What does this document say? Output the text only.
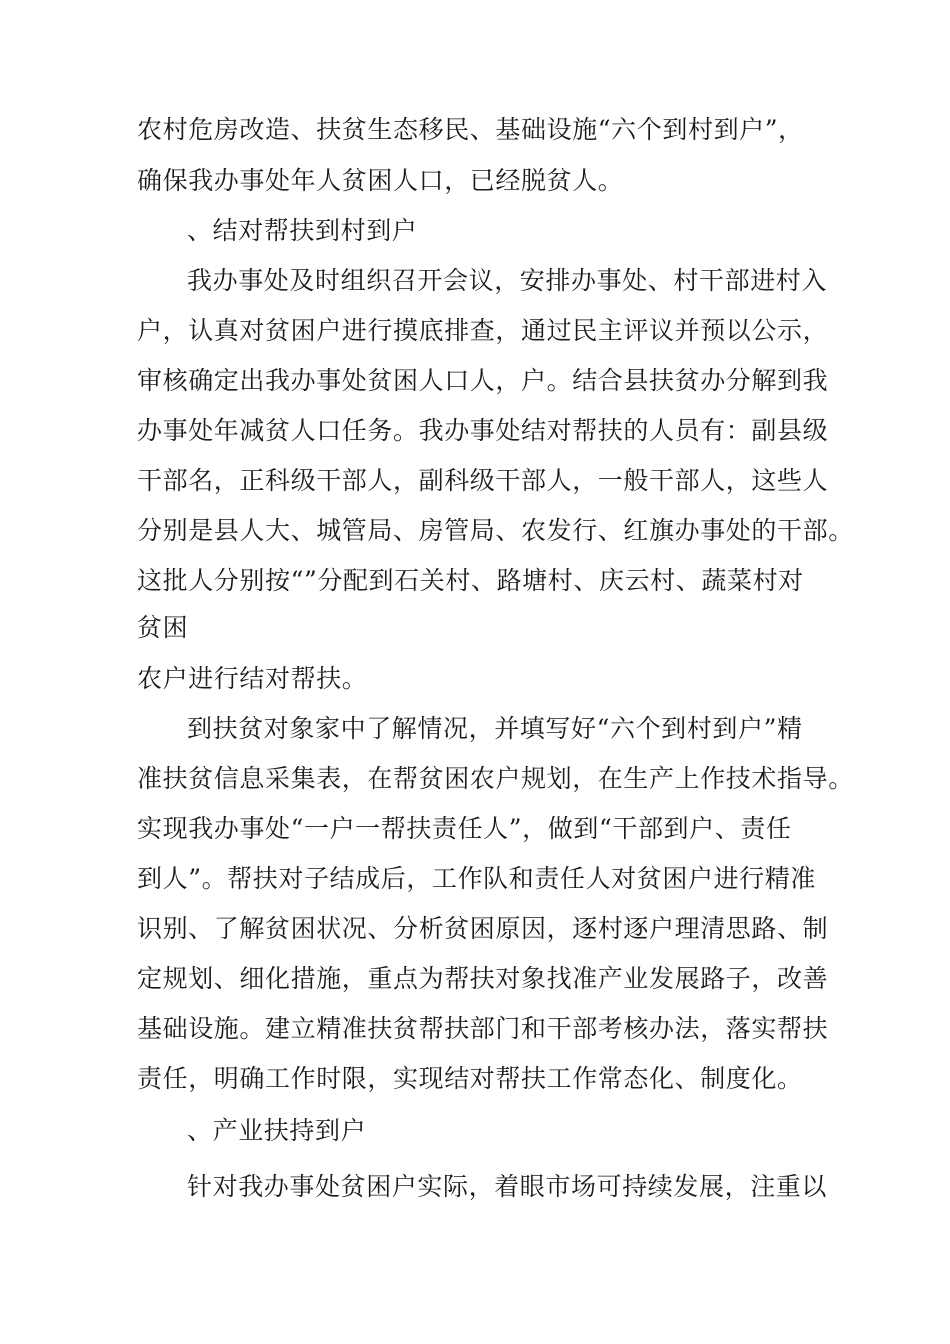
农村危房改造、扶贫生态移民、基础设施“六个到村到户”，

确保我办事处年人贫困人口，已经脱贫人。

、结对帮扶到村到户

我办事处及时组织召开会议，安排办事处、村干部进村入

户，认真对贫困户进行摸底排查，通过民主评议并预以公示，

审核确定出我办事处贫困人口人，户。结合县扶贫办分解到我

办事处年减贫人口任务。我办事处结对帮扶的人员有：副县级

干部名，正科级干部人，副科级干部人，一般干部人，这些人

分别是县人大、城管局、房管局、农发行、红旗办事处的干部。

这批人分别按“”分配到石关村、路塘村、庆云村、蔬菜村对

贫困

农户进行结对帮扶。

到扶贫对象家中了解情况，并填写好“六个到村到户”精

准扶贫信息采集表，在帮贫困农户规划，在生产上作技术指导。

实现我办事处“一户一帮扶责任人”，做到“干部到户、责任

到人”。帮扶对子结成后，工作队和责任人对贫困户进行精准

识别、了解贫困状况、分析贫困原因，逐村逐户理清思路、制

定规划、细化措施，重点为帮扶对象找准产业发展路子，改善

基础设施。建立精准扶贫帮扶部门和干部考核办法，落实帮扶

责任，明确工作时限，实现结对帮扶工作常态化、制度化。

、产业扶持到户

针对我办事处贫困户实际，着眼市场可持续发展，注重以
